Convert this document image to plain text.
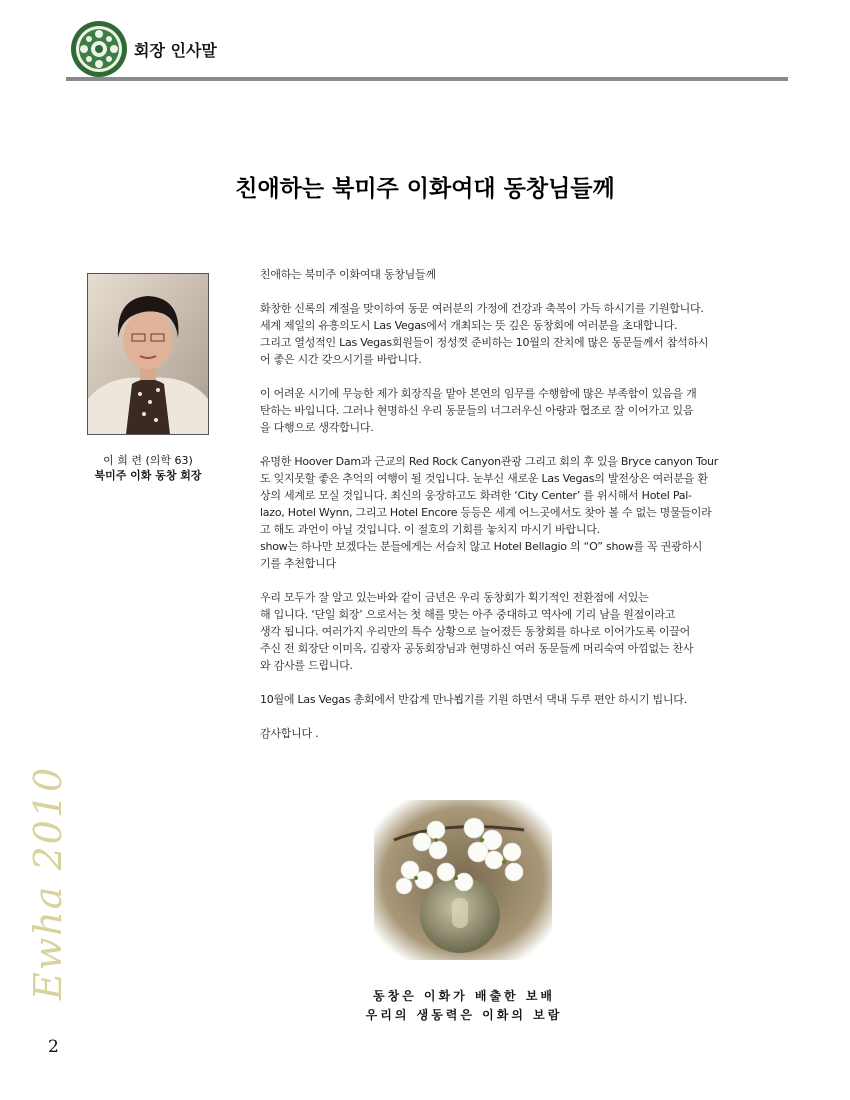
회장 인사말
친애하는 북미주 이화여대 동창님들께
이 희 련 (의학 63)
북미주 이화 동창 회장

친애하는 북미주 이화여대 동창님들께

화창한 신록의 계절을 맞이하여 동문 여러분의 가정에 건강과 축복이 가득 하시기를 기원합니다.
세계 제일의 유흥의도시 Las Vegas에서 개최되는 뜻 깊은 동창회에 여러분을 초대합니다.
그리고 열성적인 Las Vegas회원들이 정성껏 준비하는 10월의 잔치에 많은 동문들께서 참석하시
어 좋은 시간 갖으시기를 바랍니다.

이 어려운 시기에 무능한 제가 회장직을 맡아 본연의 임무를 수행함에 많은 부족함이 있음을 개
탄하는 바입니다. 그러나 현명하신 우리 동문들의 너그러우신 아량과 협조로 잘 이어가고 있음
을 다행으로 생각합니다.

유명한 Hoover Dam과 근교의 Red Rock Canyon관광 그리고 회의 후 있을 Bryce canyon Tour
도 잊지못할 좋은 추억의 여행이 될 것입니다. 눈부신 새로운 Las Vegas의 발전상은 여러분을 환
상의 세계로 모실 것입니다. 최신의 웅장하고도 화려한 ‘City Center’ 를 위시해서 Hotel Pal-
lazo, Hotel Wynn, 그리고 Hotel Encore 등등은 세계 어느곳에서도 찾아 볼 수 없는 명물들이라
고 해도 과언이 아닐 것입니다. 이 절호의 기회를 놓치지 마시기 바랍니다.
show는 하나만 보겠다는 분들에게는 서슴치 않고 Hotel Bellagio 의 “O” show를 꼭 권광하시
기를 추천합니다

우리 모두가 잘 알고 있는바와 같이 금년은 우리 동창회가 획기적인 전환점에 서있는
해 입니다. ‘단일 회장’ 으로서는 첫 해를 맞는 아주 중대하고 역사에 기리 남을 원점이라고
생각 됩니다. 여러가지 우리만의 특수 상황으로 늘어졌든 동창회를 하나로 이어가도록 이끌어
주신 전 회장단 이미옥, 김광자 공동회장님과 현명하신 여러 동문들께 머리숙여 아낌없는 찬사
와 감사를 드립니다.

10월에 Las Vegas 총회에서 반갑게 만나뵙기를 기원 하면서 댁내 두루 편안 하시기 빕니다.

감사합니다 .

동창은 이화가 배출한 보배
우리의 생동력은 이화의 보람
Ewha 2010
2
